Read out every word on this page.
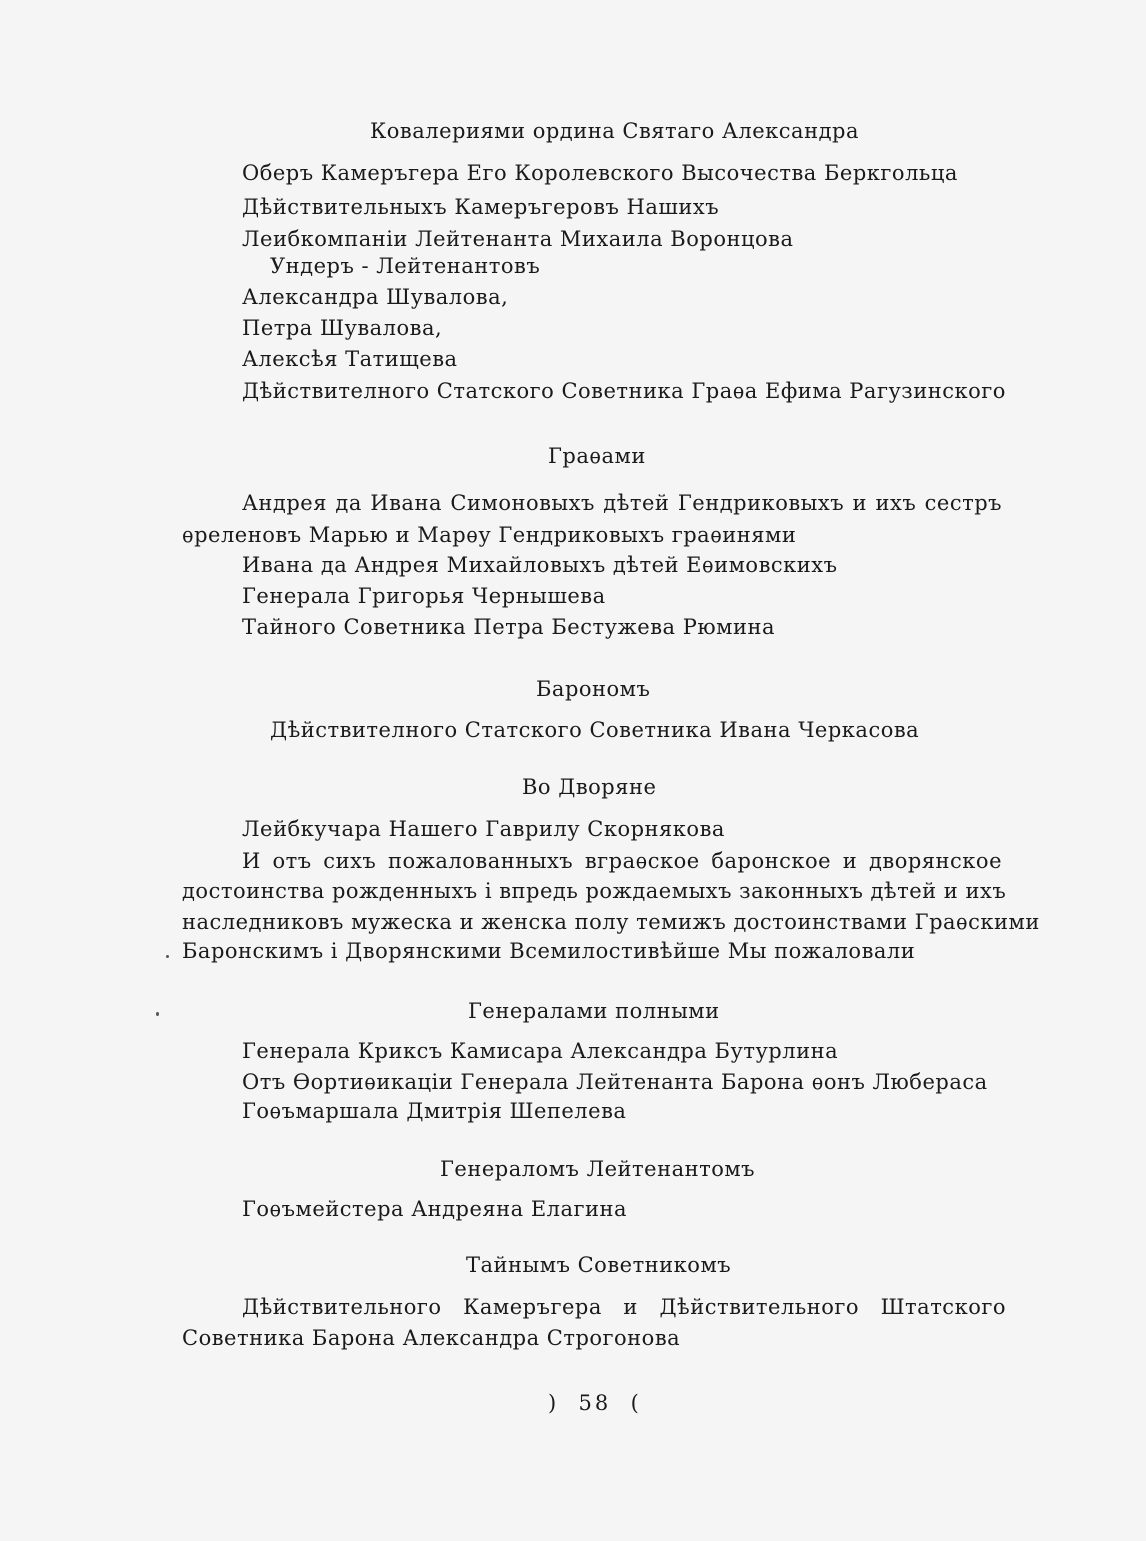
Ковалериями ордина Святаго Александра
Оберъ Камеръгера Его Королевского Высочества Беркгольца
Дѣйствительныхъ Камеръгеровъ Нашихъ
Леибкомпаніи Лейтенанта Михаила Воронцова
Ундеръ - Лейтенантовъ
Александра Шувалова,
Петра Шувалова,
Алексѣя Татищева
Дѣйствителного Статского Советника Граѳа Ефима Рагузинского
Граѳами
Андрея да Ивана Симоновыхъ дѣтей Гендриковыхъ и ихъ сестръ
ѳреленовъ Марью и Марѳу Гендриковыхъ граѳинями
Ивана да Андрея Михайловыхъ дѣтей Еѳимовскихъ
Генерала Григорья Чернышева
Тайного Советника Петра Бестужева Рюмина
Барономъ
Дѣйствителного Статского Советника Ивана Черкасова
Во Дворяне
Лейбкучара Нашего Гаврилу Скорнякова
И отъ сихъ пожалованныхъ вграѳское баронское и дворянское
достоинства рожденныхъ і впредь рождаемыхъ законныхъ дѣтей и ихъ
наследниковъ мужеска и женска полу темижъ достоинствами Граѳскими
Баронскимъ і Дворянскими Всемилостивѣйше Мы пожаловали
Генералами полными
Генерала Криксъ Камисара Александра Бутурлина
Отъ Ѳортиѳикаціи Генерала Лейтенанта Барона ѳонъ Любераса
Гоѳъмаршала Дмитрія Шепелева
Генераломъ Лейтенантомъ
Гоѳъмейстера Андреяна Елагина
Тайнымъ Советникомъ
Дѣйствительного Камеръгера и Дѣйствительного Штатского
Советника Барона Александра Строгонова
)  58  (
